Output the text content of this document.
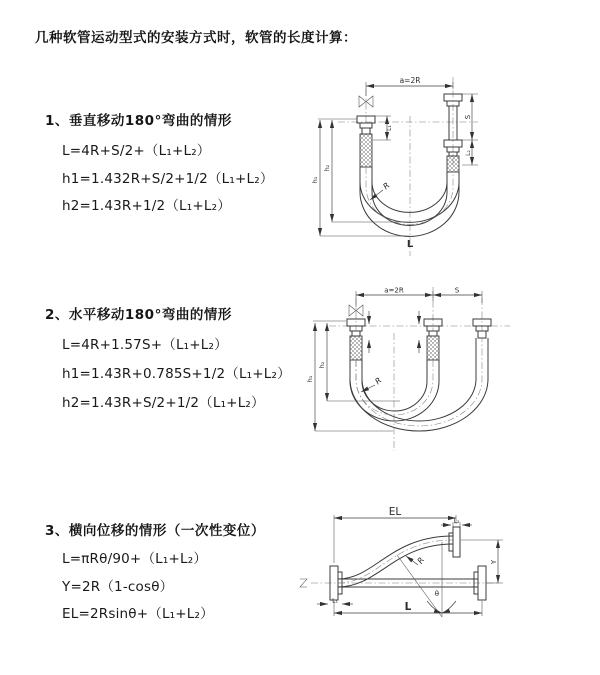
几种软管运动型式的安装方式时，软管的长度计算：
1、垂直移动180°弯曲的情形
L=4R+S/2+（L₁+L₂）
h1=1.432R+S/2+1/2（L₁+L₂）
h2=1.43R+1/2（L₁+L₂）
2、水平移动180°弯曲的情形
L=4R+1.57S+（L₁+L₂）
h1=1.43R+0.785S+1/2（L₁+L₂）
h2=1.43R+S/2+1/2（L₁+L₂）
3、横向位移的情形（一次性变位）
L=πRθ/90+（L₁+L₂）
Y=2R（1-cosθ）
EL=2Rsinθ+（L₁+L₂）
a=2R
h₁
h₂
L₁
S
L₂
R
L
a=2R	S
h₁
h₂
R
EL
L₂
Y
θ
R
L
L₁
